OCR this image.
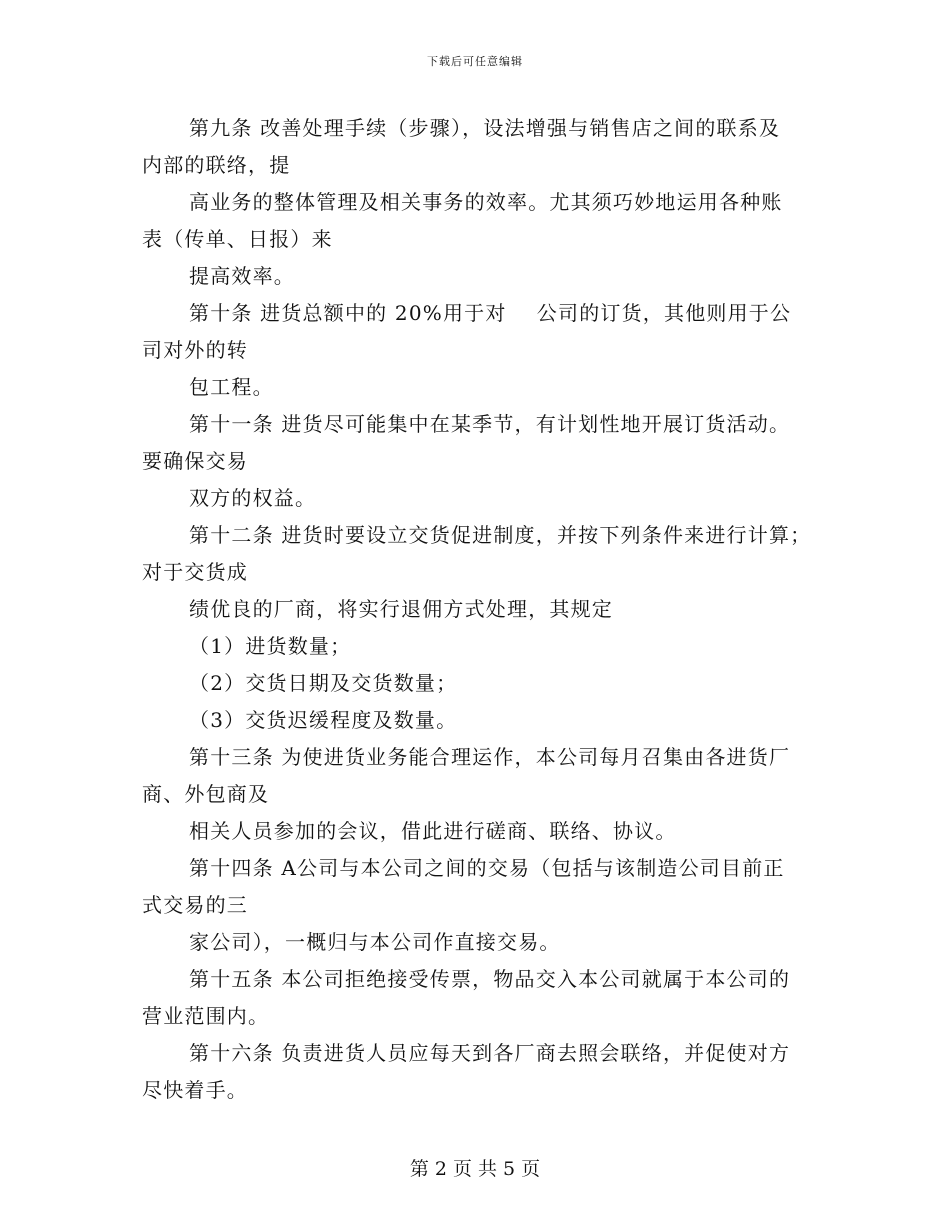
下载后可任意编辑
第九条 改善处理手续（步骤），设法增强与销售店之间的联系及
内部的联络，提
高业务的整体管理及相关事务的效率。尤其须巧妙地运用各种账
表（传单、日报）来
提高效率。
第十条 进货总额中的 20%用于对    公司的订货，其他则用于公
司对外的转
包工程。
第十一条 进货尽可能集中在某季节，有计划性地开展订货活动。
要确保交易
双方的权益。
第十二条 进货时要设立交货促进制度，并按下列条件来进行计算；
对于交货成
绩优良的厂商，将实行退佣方式处理，其规定
（1）进货数量；
（2）交货日期及交货数量；
（3）交货迟缓程度及数量。
第十三条 为使进货业务能合理运作，本公司每月召集由各进货厂
商、外包商及
相关人员参加的会议，借此进行磋商、联络、协议。
第十四条 A公司与本公司之间的交易（包括与该制造公司目前正
式交易的三
家公司），一概归与本公司作直接交易。
第十五条 本公司拒绝接受传票，物品交入本公司就属于本公司的
营业范围内。
第十六条 负责进货人员应每天到各厂商去照会联络，并促使对方
尽快着手。
第 2 页 共 5 页
